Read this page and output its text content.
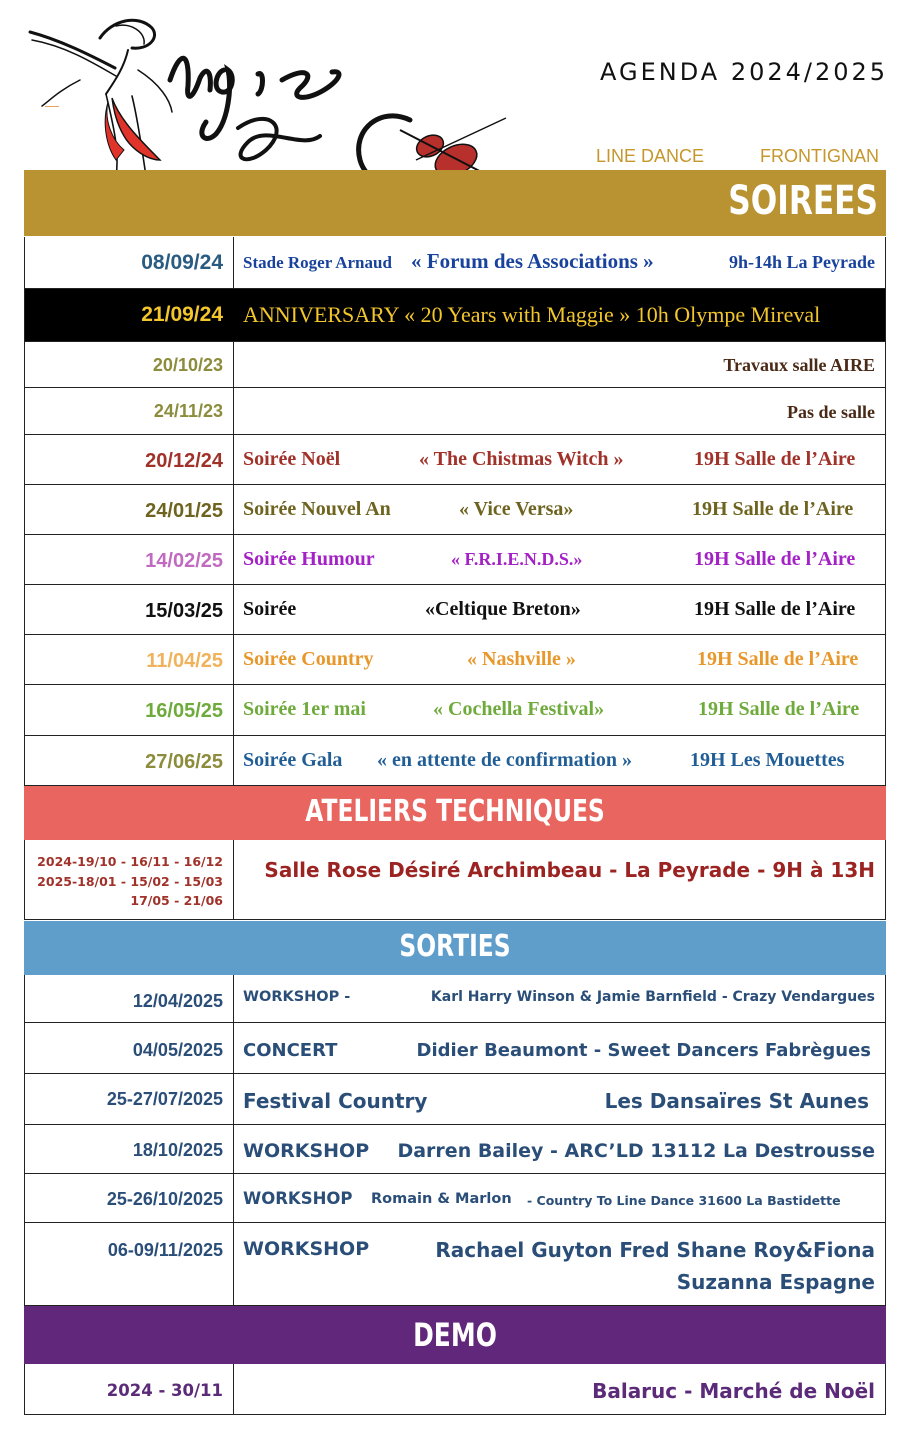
AGENDA 2024/2025
LINE DANCE	FRONTIGNAN
SOIREES
08/09/24 Stade Roger Arnaud « Forum des Associations »	9h-14h La Peyrade
21/09/24 ANNIVERSARY « 20 Years with Maggie » 10h Olympe Mireval
20/10/23	Travaux salle AIRE
24/11/23	Pas de salle
20/12/24 Soirée Noël	« The Chistmas Witch »	19H Salle de l’Aire
24/01/25 Soirée Nouvel An	« Vice Versa»	19H Salle de l’Aire
14/02/25 Soirée Humour	« F.R.I.E.N.D.S.»	19H Salle de l’Aire
15/03/25 Soirée	«Celtique Breton»	19H Salle de l’Aire
11/04/25 Soirée Country	« Nashville »	19H Salle de l’Aire
16/05/25 Soirée 1er mai	« Cochella Festival»	19H Salle de l’Aire
27/06/25 Soirée Gala « en attente de confirmation »	19H Les Mouettes
ATELIERS TECHNIQUES
2024-19/10 - 16/11 - 16/12
2025-18/01 - 15/02 - 15/03
17/05 - 21/06
Salle Rose Désiré Archimbeau - La Peyrade - 9H à 13H
SORTIES
12/04/2025 WORKSHOP -	Karl Harry Winson & Jamie Barnfield - Crazy Vendargues
04/05/2025 CONCERT	Didier Beaumont - Sweet Dancers Fabrègues
25-27/07/2025 Festival Country	Les Dansaïres St Aunes
18/10/2025 WORKSHOP Darren Bailey - ARC’LD 13112 La Destrousse
25-26/10/2025 WORKSHOP Romain & Marlon - Country To Line Dance 31600 La Bastidette
06-09/11/2025 WORKSHOP	Rachael Guyton Fred Shane Roy&Fiona
Suzanna Espagne
DEMO
2024 - 30/11	Balaruc - Marché de Noël
